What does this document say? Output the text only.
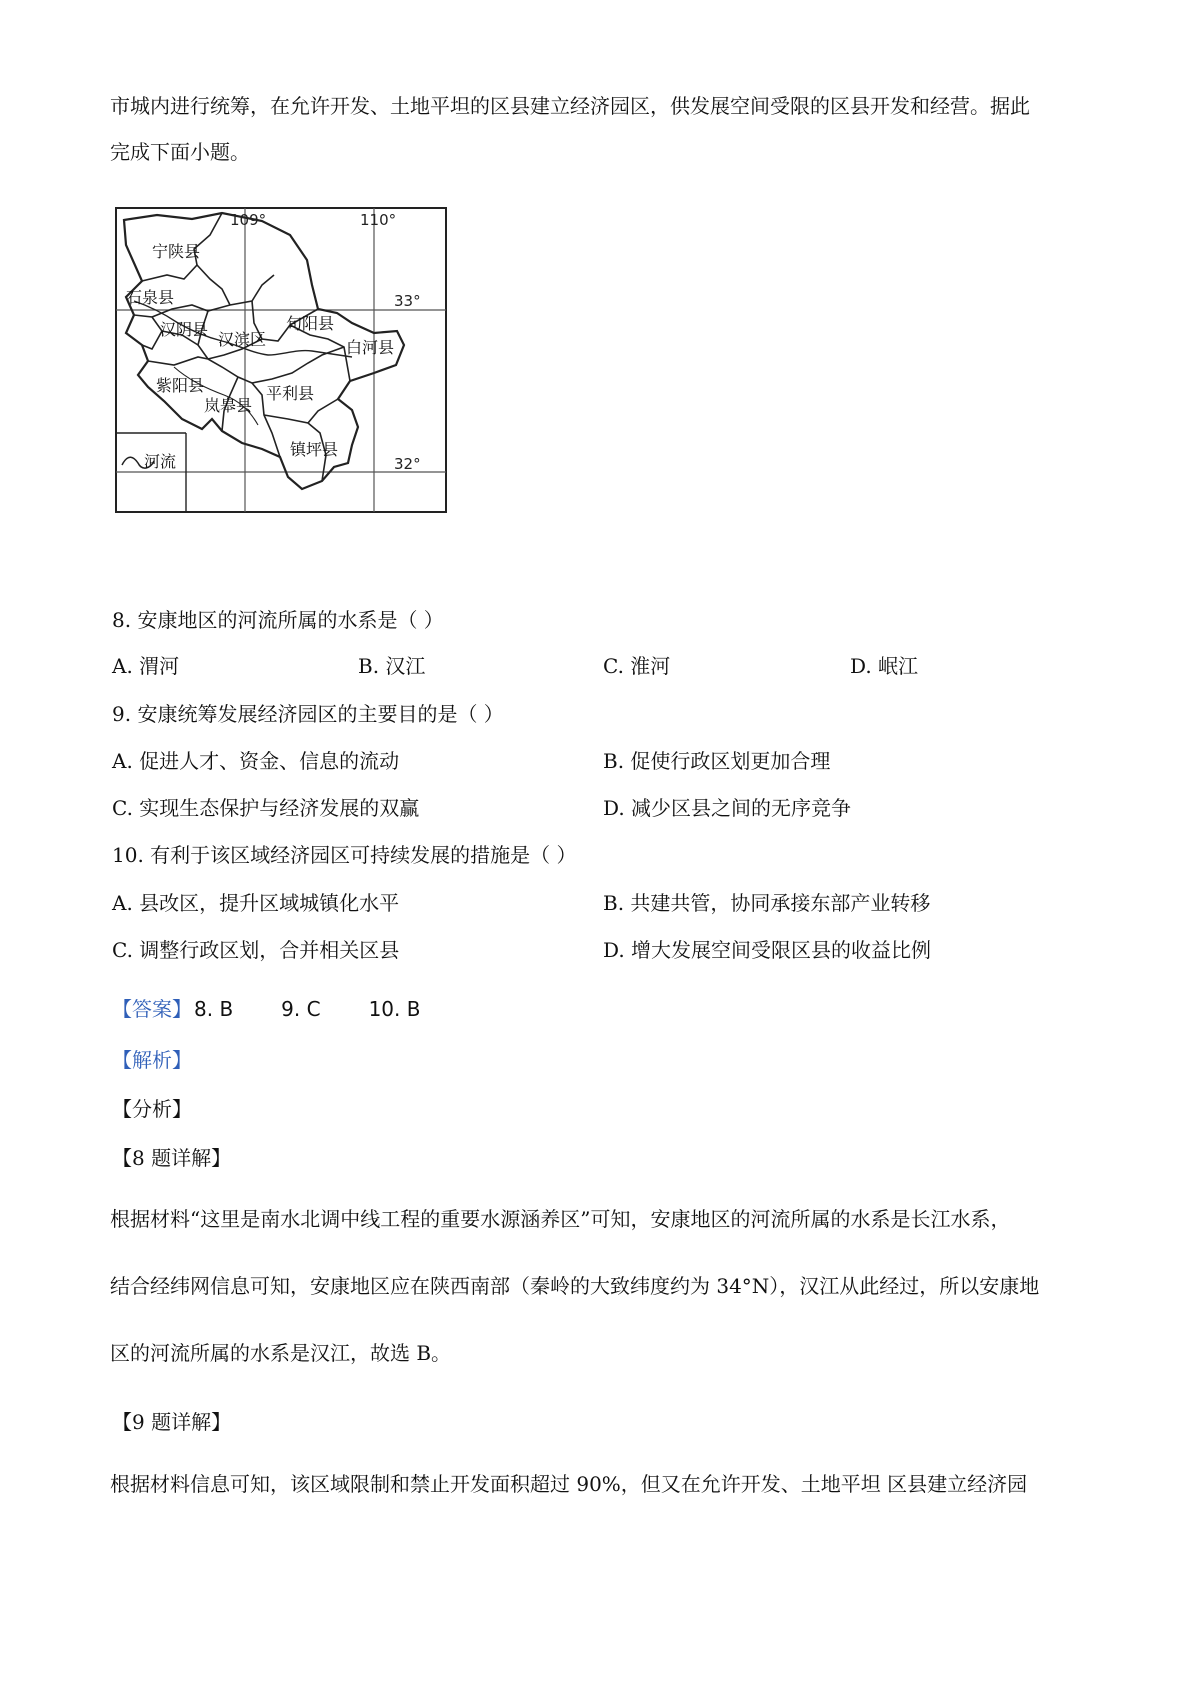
市城内进行统筹，在允许开发、土地平坦的区县建立经济园区，供发展空间受限的区县开发和经营。据此
完成下面小题。
109°	110°
33°
32°
宁陕县
石泉县
汉阴县
汉滨区
旬阳县
白河县
紫阳县
岚皋县
平利县
镇坪县
河流
8. 安康地区的河流所属的水系是（ ）
A. 渭河	B. 汉江	C. 淮河	D. 岷江
9. 安康统筹发展经济园区的主要目的是（ ）
A. 促进人才、资金、信息的流动	B. 促使行政区划更加合理
C. 实现生态保护与经济发展的双赢	D. 减少区县之间的无序竞争
10. 有利于该区域经济园区可持续发展的措施是（ ）
A. 县改区，提升区域城镇化水平	B. 共建共管，协同承接东部产业转移
C. 调整行政区划，合并相关区县	D. 增大发展空间受限区县的收益比例
【答案】 8. B 9. C 10. B
【解析】
【分析】
【8 题详解】
根据材料“这里是南水北调中线工程的重要水源涵养区”可知，安康地区的河流所属的水系是长江水系，
结合经纬网信息可知，安康地区应在陕西南部（秦岭的大致纬度约为 34°N），汉江从此经过，所以安康地
区的河流所属的水系是汉江，故选 B。
【9 题详解】
根据材料信息可知，该区域限制和禁止开发面积超过 90%，但又在允许开发、土地平坦 区县建立经济园
